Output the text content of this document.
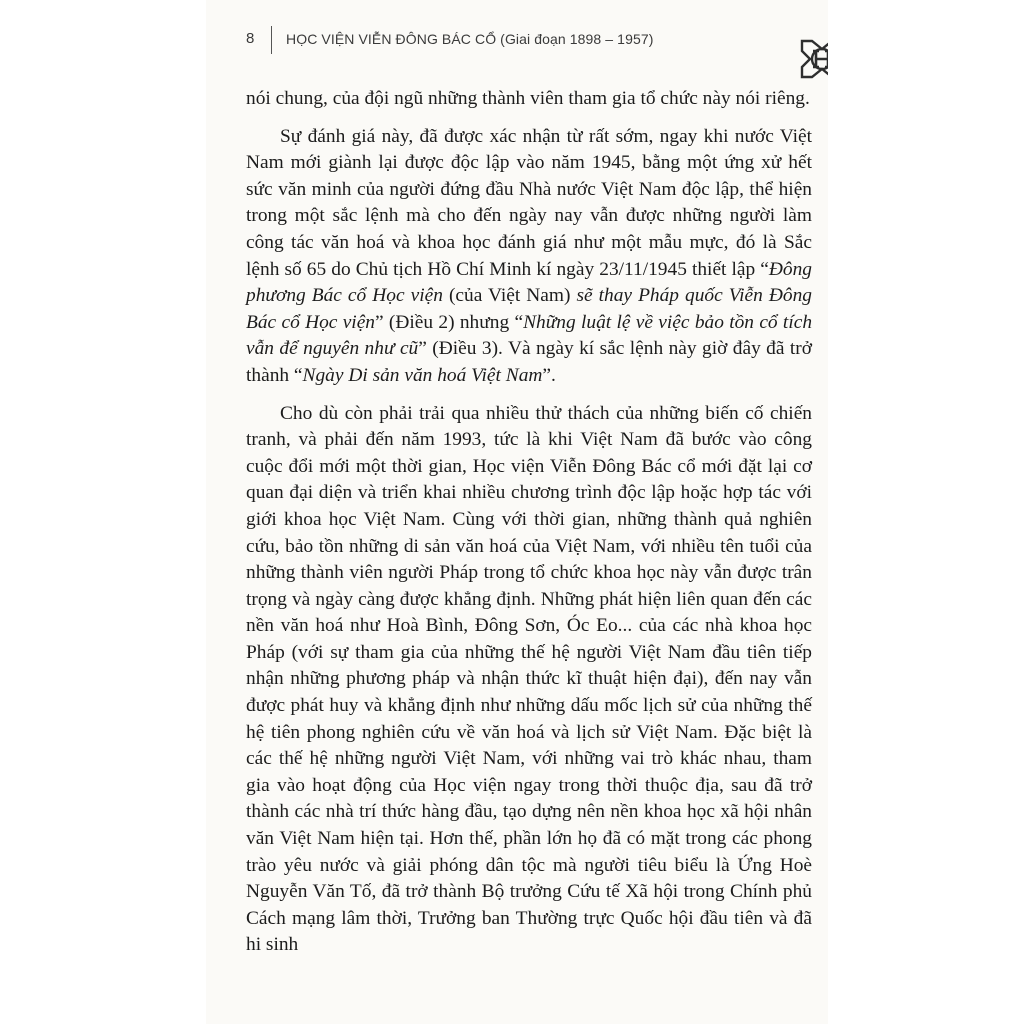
8 HỌC VIỆN VIỄN ĐÔNG BÁC CỔ (Giai đoạn 1898 – 1957)

nói chung, của đội ngũ những thành viên tham gia tổ chức này nói riêng.

Sự đánh giá này, đã được xác nhận từ rất sớm, ngay khi nước Việt Nam mới giành lại được độc lập vào năm 1945, bằng một ứng xử hết sức văn minh của người đứng đầu Nhà nước Việt Nam độc lập, thể hiện trong một sắc lệnh mà cho đến ngày nay vẫn được những người làm công tác văn hoá và khoa học đánh giá như một mẫu mực, đó là Sắc lệnh số 65 do Chủ tịch Hồ Chí Minh kí ngày 23/11/1945 thiết lập “Đông phương Bác cổ Học viện (của Việt Nam) sẽ thay Pháp quốc Viễn Đông Bác cổ Học viện” (Điều 2) nhưng “Những luật lệ về việc bảo tồn cổ tích vẫn để nguyên như cũ” (Điều 3). Và ngày kí sắc lệnh này giờ đây đã trở thành “Ngày Di sản văn hoá Việt Nam”.

Cho dù còn phải trải qua nhiều thử thách của những biến cố chiến tranh, và phải đến năm 1993, tức là khi Việt Nam đã bước vào công cuộc đổi mới một thời gian, Học viện Viễn Đông Bác cổ mới đặt lại cơ quan đại diện và triển khai nhiều chương trình độc lập hoặc hợp tác với giới khoa học Việt Nam. Cùng với thời gian, những thành quả nghiên cứu, bảo tồn những di sản văn hoá của Việt Nam, với nhiều tên tuổi của những thành viên người Pháp trong tổ chức khoa học này vẫn được trân trọng và ngày càng được khẳng định. Những phát hiện liên quan đến các nền văn hoá như Hoà Bình, Đông Sơn, Óc Eo... của các nhà khoa học Pháp (với sự tham gia của những thế hệ người Việt Nam đầu tiên tiếp nhận những phương pháp và nhận thức kĩ thuật hiện đại), đến nay vẫn được phát huy và khẳng định như những dấu mốc lịch sử của những thế hệ tiên phong nghiên cứu về văn hoá và lịch sử Việt Nam. Đặc biệt là các thế hệ những người Việt Nam, với những vai trò khác nhau, tham gia vào hoạt động của Học viện ngay trong thời thuộc địa, sau đã trở thành các nhà trí thức hàng đầu, tạo dựng nên nền khoa học xã hội nhân văn Việt Nam hiện tại. Hơn thế, phần lớn họ đã có mặt trong các phong trào yêu nước và giải phóng dân tộc mà người tiêu biểu là Ứng Hoè Nguyễn Văn Tố, đã trở thành Bộ trưởng Cứu tế Xã hội trong Chính phủ Cách mạng lâm thời, Trưởng ban Thường trực Quốc hội đầu tiên và đã hi sinh
